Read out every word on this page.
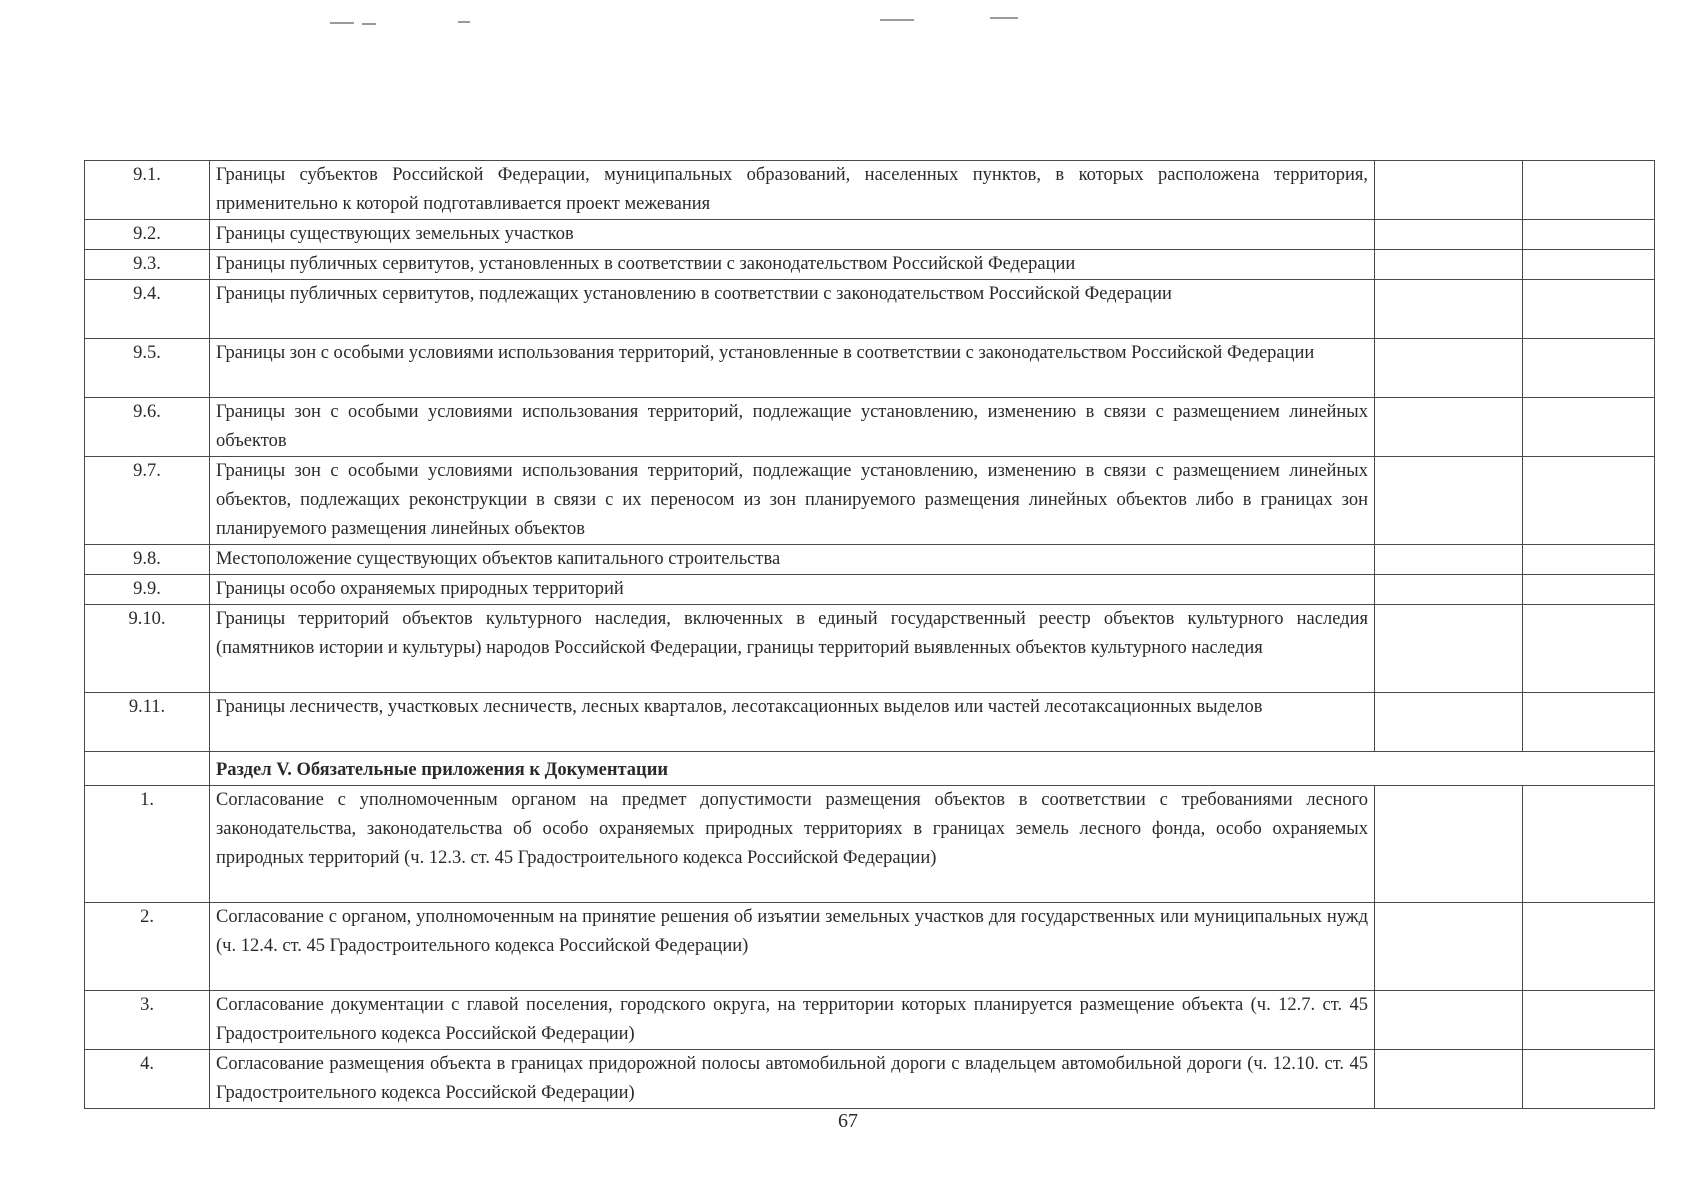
9.1.	Границы субъектов Российской Федерации, муниципальных образований, населенных пунктов, в которых расположена территория, применительно к которой подготавливается проект межевания		
9.2.	Границы существующих земельных участков		
9.3.	Границы публичных сервитутов, установленных в соответствии с законодательством Российской Федерации		
9.4.	Границы публичных сервитутов, подлежащих установлению в соответствии с законодательством Российской Федерации		
9.5.	Границы зон с особыми условиями использования территорий, установленные в соответствии с законодательством Российской Федерации		
9.6.	Границы зон с особыми условиями использования территорий, подлежащие установлению, изменению в связи с размещением линейных объектов		
9.7.	Границы зон с особыми условиями использования территорий, подлежащие установлению, изменению в связи с размещением линейных объектов, подлежащих реконструкции в связи с их переносом из зон планируемого размещения линейных объектов либо в границах зон планируемого размещения линейных объектов		
9.8.	Местоположение существующих объектов капитального строительства		
9.9.	Границы особо охраняемых природных территорий		
9.10.	Границы территорий объектов культурного наследия, включенных в единый государственный реестр объектов культурного наследия (памятников истории и культуры) народов Российской Федерации, границы территорий выявленных объектов культурного наследия		
9.11.	Границы лесничеств, участковых лесничеств, лесных кварталов, лесотаксационных выделов или частей лесотаксационных выделов		
	Раздел V. Обязательные приложения к Документации		
1.	Согласование с уполномоченным органом на предмет допустимости размещения объектов в соответствии с требованиями лесного законодательства, законодательства об особо охраняемых природных территориях в границах земель лесного фонда, особо охраняемых природных территорий (ч. 12.3. ст. 45 Градостроительного кодекса Российской Федерации)		
2.	Согласование с органом, уполномоченным на принятие решения об изъятии земельных участков для государственных или муниципальных нужд (ч. 12.4. ст. 45 Градостроительного кодекса Российской Федерации)		
3.	Согласование документации с главой поселения, городского округа, на территории которых планируется размещение объекта (ч. 12.7. ст. 45 Градостроительного кодекса Российской Федерации)		
4.	Согласование размещения объекта в границах придорожной полосы автомобильной дороги с владельцем автомобильной дороги (ч. 12.10. ст. 45 Градостроительного кодекса Российской Федерации)		
67
